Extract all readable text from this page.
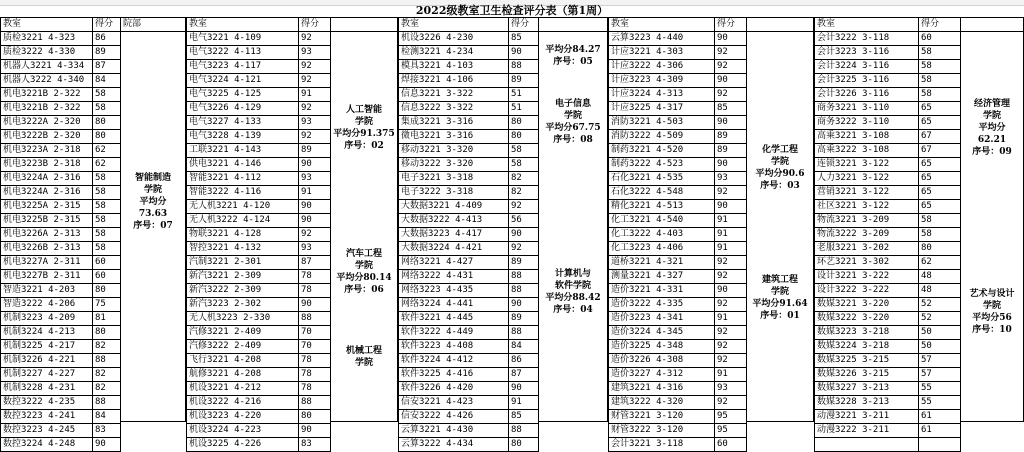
2022级教室卫生检查评分表（第1周）
教室	得分
质检3221 4-323	86
质检3222 4-330	89
机器人3221 4-334	87
机器人3222 4-340	84
机电3221B 2-322	58
机电3221B 2-322	58
机电3222A 2-320	80
机电3222B 2-320	80
机电3223A 2-318	62
机电3223B 2-318	62
机电3224A 2-316	58
机电3224A 2-316	58
机电3225A 2-315	58
机电3225B 2-315	58
机电3226A 2-313	58
机电3226B 2-313	58
机电3227A 2-311	60
机电3227B 2-311	60
智造3221 4-203	80
智造3222 4-206	75
机制3223 4-209	81
机制3224 4-213	80
机制3225 4-217	82
机制3226 4-221	88
机制3227 4-227	82
机制3228 4-231	82
数控3222 4-235	88
数控3223 4-241	84
数控3223 4-245	83
数控3224 4-248	90
院部	教室	得分
电气3221 4-109	92
电气3222 4-113	93
电气3223 4-117	92
电气3224 4-121	92
电气3225 4-125	91
电气3226 4-129	92
电气3227 4-133	93
电气3228 4-139	92
工联3221 4-143	89
供电3221 4-146	90
智能3221 4-112	93
智能3222 4-116	91
无人机3221 4-120	90
无人机3222 4-124	90
物联3221 4-128	92
智控3221 4-132	93
汽制3221 2-301	87
新汽3221 2-309	78
新汽3222 2-309	78
新汽3223 2-302	90
无人机3223 2-330	88
汽修3221 2-409	70
汽修3222 2-409	70
飞行3221 4-208	78
航修3221 4-208	78
机设3221 4-212	78
机设3222 4-216	88
机设3223 4-220	80
机设3224 4-223	90
机设3225 4-226	83

教室	得分
机设3226 4-230	85
检测3221 4-234	90
模具3221 4-103	88
焊接3221 4-106	89
信息3221 3-322	51
信息3222 3-322	51
集成3221 3-316	80
微电3221 3-316	80
移动3221 3-320	58
移动3222 3-320	58
电子3221 3-318	82
电子3222 3-318	82
大数据3221 4-409	92
大数据3222 4-413	56
大数据3223 4-417	90
大数据3224 4-421	92
网络3221 4-427	89
网络3222 4-431	88
网络3223 4-435	88
网络3224 4-441	90
软件3221 4-445	89
软件3222 4-449	88
软件3223 4-408	84
软件3224 4-412	86
软件3225 4-416	87
软件3226 4-420	90
信安3221 4-423	91
信安3222 4-426	85
云算3221 4-430	88
云算3222 4-434	80

教室	得分
云算3223 4-440	90
计应3221 4-303	92
计应3222 4-306	92
计应3223 4-309	90
计应3224 4-313	92
计应3225 4-317	85
消防3221 4-503	90
消防3222 4-509	89
制药3221 4-520	89
制药3222 4-523	90
石化3221 4-535	93
石化3222 4-548	92
精化3221 4-513	90
化工3221 4-540	91
化工3222 4-403	91
化工3223 4-406	91
道桥3221 4-321	92
测量3221 4-327	92
造价3221 4-331	90
造价3222 4-335	92
造价3223 4-341	91
造价3224 4-345	92
造价3225 4-348	92
造价3226 4-308	92
造价3227 4-312	91
建筑3221 4-316	93
建筑3222 4-320	92
财管3221 3-120	95
财管3222 3-120	95
会计3221 3-118	60

教室	得分
会计3222 3-118	60
会计3223 3-116	58
会计3224 3-116	58
会计3225 3-116	58
会计3226 3-116	58
商务3221 3-110	65
商务3222 3-110	65
高乘3221 3-108	67
高乘3222 3-108	67
连锁3221 3-122	65
人力3221 3-122	65
营销3221 3-122	65
社区3221 3-122	65
物流3221 3-209	58
物流3222 3-209	58
老服3221 3-202	80
环艺3221 3-302	62
设计3221 3-222	48
设计3222 3-222	48
数媒3221 3-220	52
数媒3222 3-220	52
数媒3223 3-218	50
数媒3224 3-218	50
数媒3225 3-215	57
数媒3226 3-215	57
数媒3227 3-213	55
数媒3228 3-213	55
动漫3221 3-211	61
动漫3222 3-211	61

智能制造
学院
平均分
73.63
序号：07
人工智能
学院
平均分91.375
序号：02
汽车工程
学院
平均分80.14
序号：06
机械工程
学院
平均分84.27
序号：05
电子信息
学院
平均分67.75
序号：08
计算机与
软件学院
平均分88.42
序号：04
化学工程
学院
平均分90.6
序号：03
建筑工程
学院
平均分91.64
序号：01
经济管理
学院
平均分
62.21
序号：09
艺术与设计
学院
平均分56
序号：10
